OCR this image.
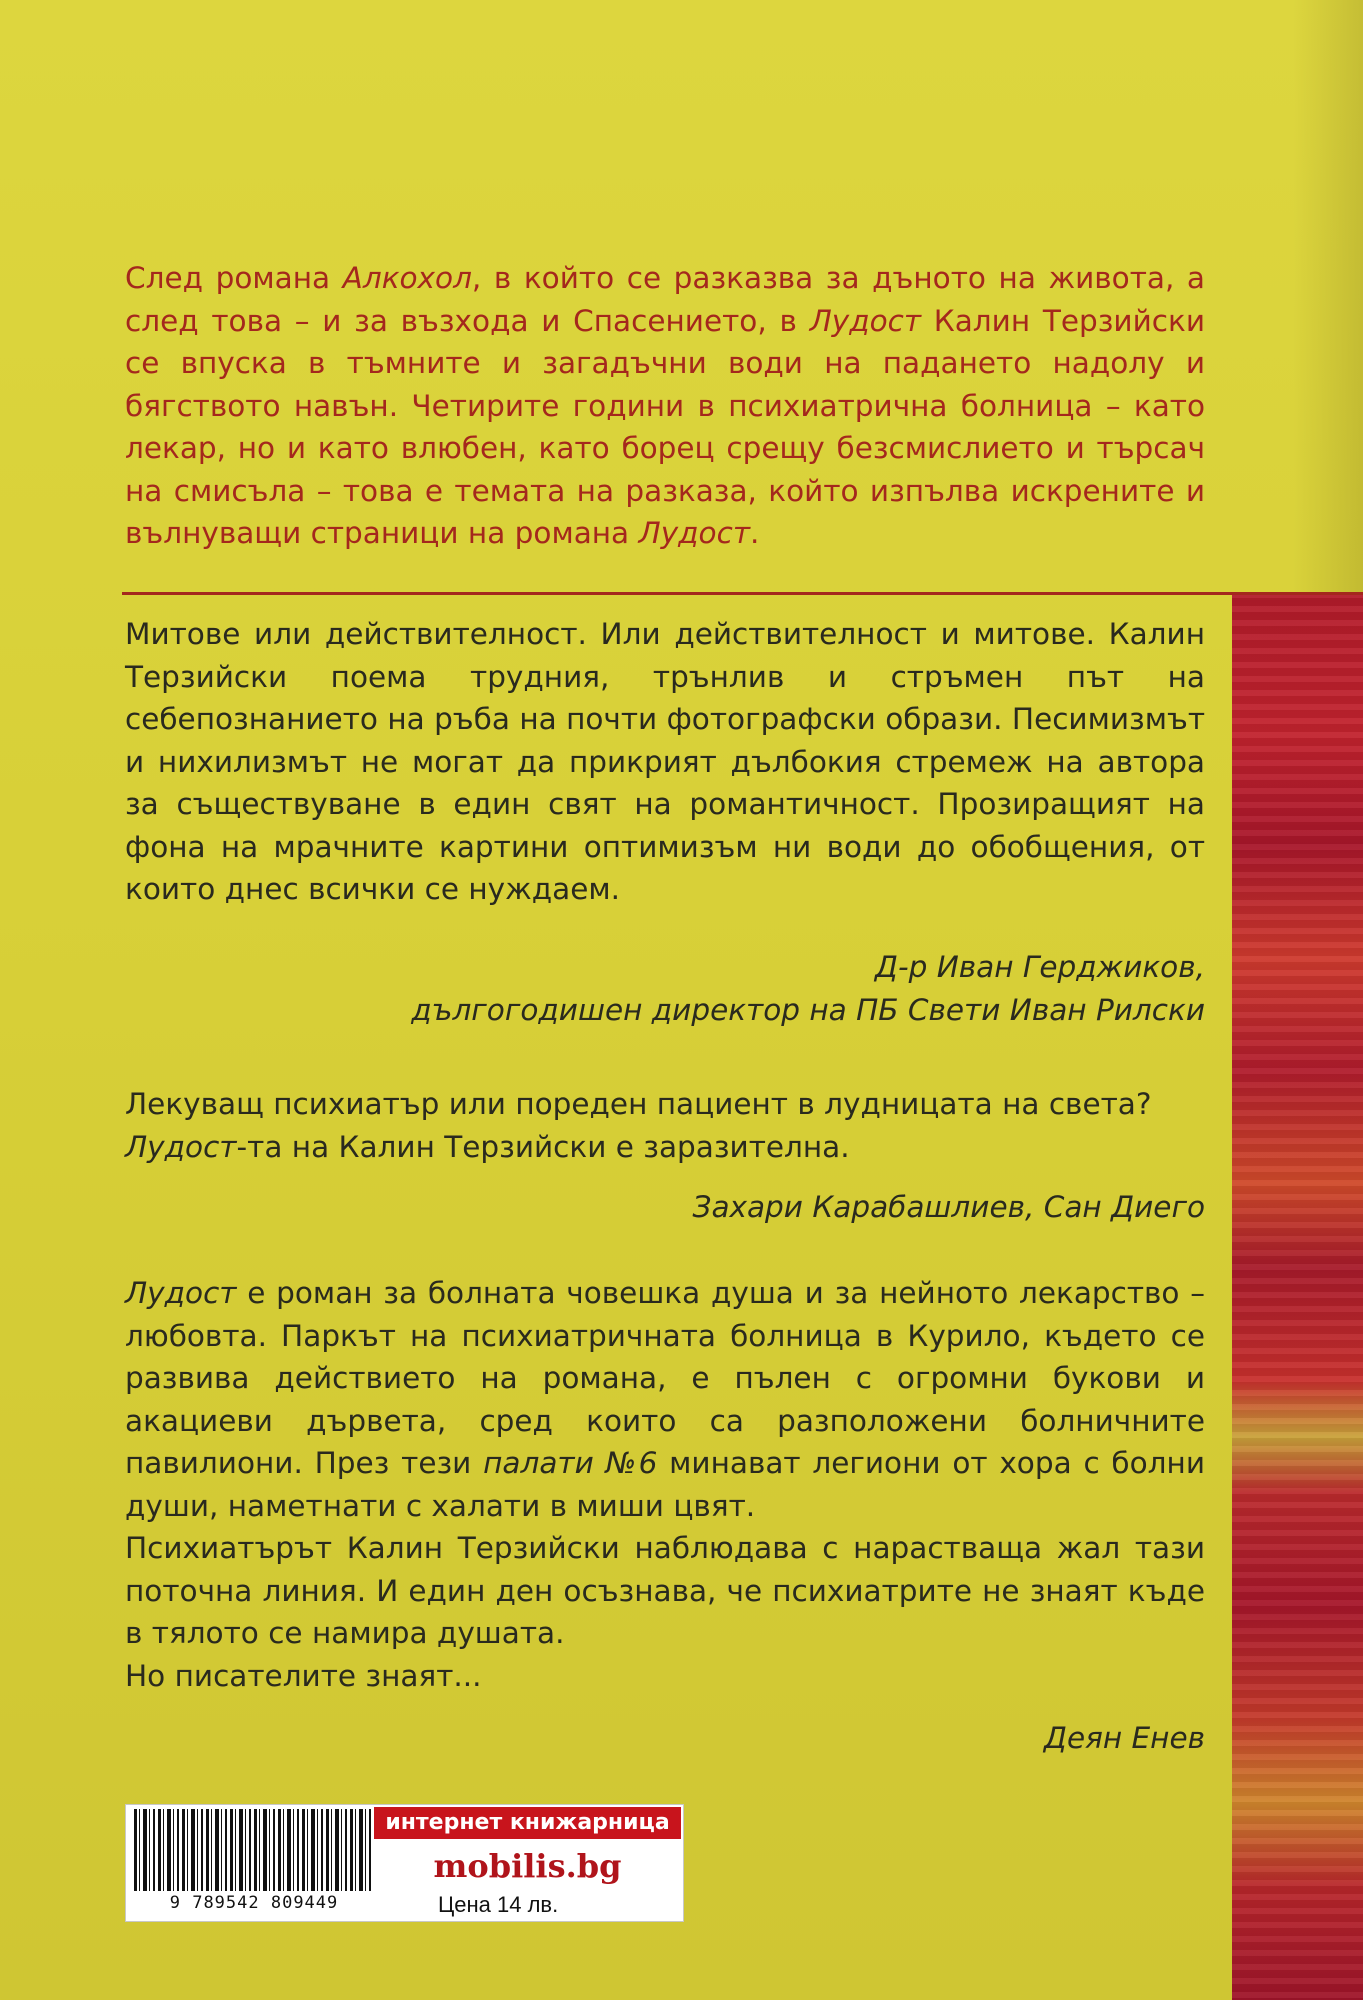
След романа Алкохол, в който се разказва за дъното на живота, а след това – и за възхода и Спасението, в Лудост Калин Терзийски се впуска в тъмните и загадъчни води на падането надолу и бягството навън. Четирите години в психиатрична болница – като лекар, но и като влюбен, като борец срещу безсмислието и търсач на смисъла – това е темата на разказа, който изпълва искрените и вълнуващи страници на романа Лудост.
Митове или действителност. Или действителност и митове. Калин Терзийски поема трудния, трънлив и стръмен път на себепознанието на ръба на почти фотографски образи. Песимизмът и нихилизмът не могат да прикрият дълбокия стремеж на автора за съществуване в един свят на романтичност. Прозиращият на фона на мрачните картини оптимизъм ни води до обобщения, от които днес всички се нуждаем.
Д-р Иван Герджиков,
дългогодишен директор на ПБ Свети Иван Рилски
Лекуващ психиатър или пореден пациент в лудницата на света?
Лудост-та на Калин Терзийски е заразителна.
Захари Карабашлиев, Сан Диего
Лудост е роман за болната човешка душа и за нейното лекарство – любовта. Паркът на психиатричната болница в Курило, където се развива действието на романа, е пълен с огромни букови и акациеви дървета, сред които са разположени болничните павилиони. През тези палати №6 минават легиони от хора с болни души, наметнати с халати в миши цвят.
Психиатърът Калин Терзийски наблюдава с нарастваща жал тази поточна линия. И един ден осъзнава, че психиатрите не знаят къде в тялото се намира душата.
Но писателите знаят...
Деян Енев
9 789542 809449
интернет книжарница
mobilis.bg
Цена 14 лв.
